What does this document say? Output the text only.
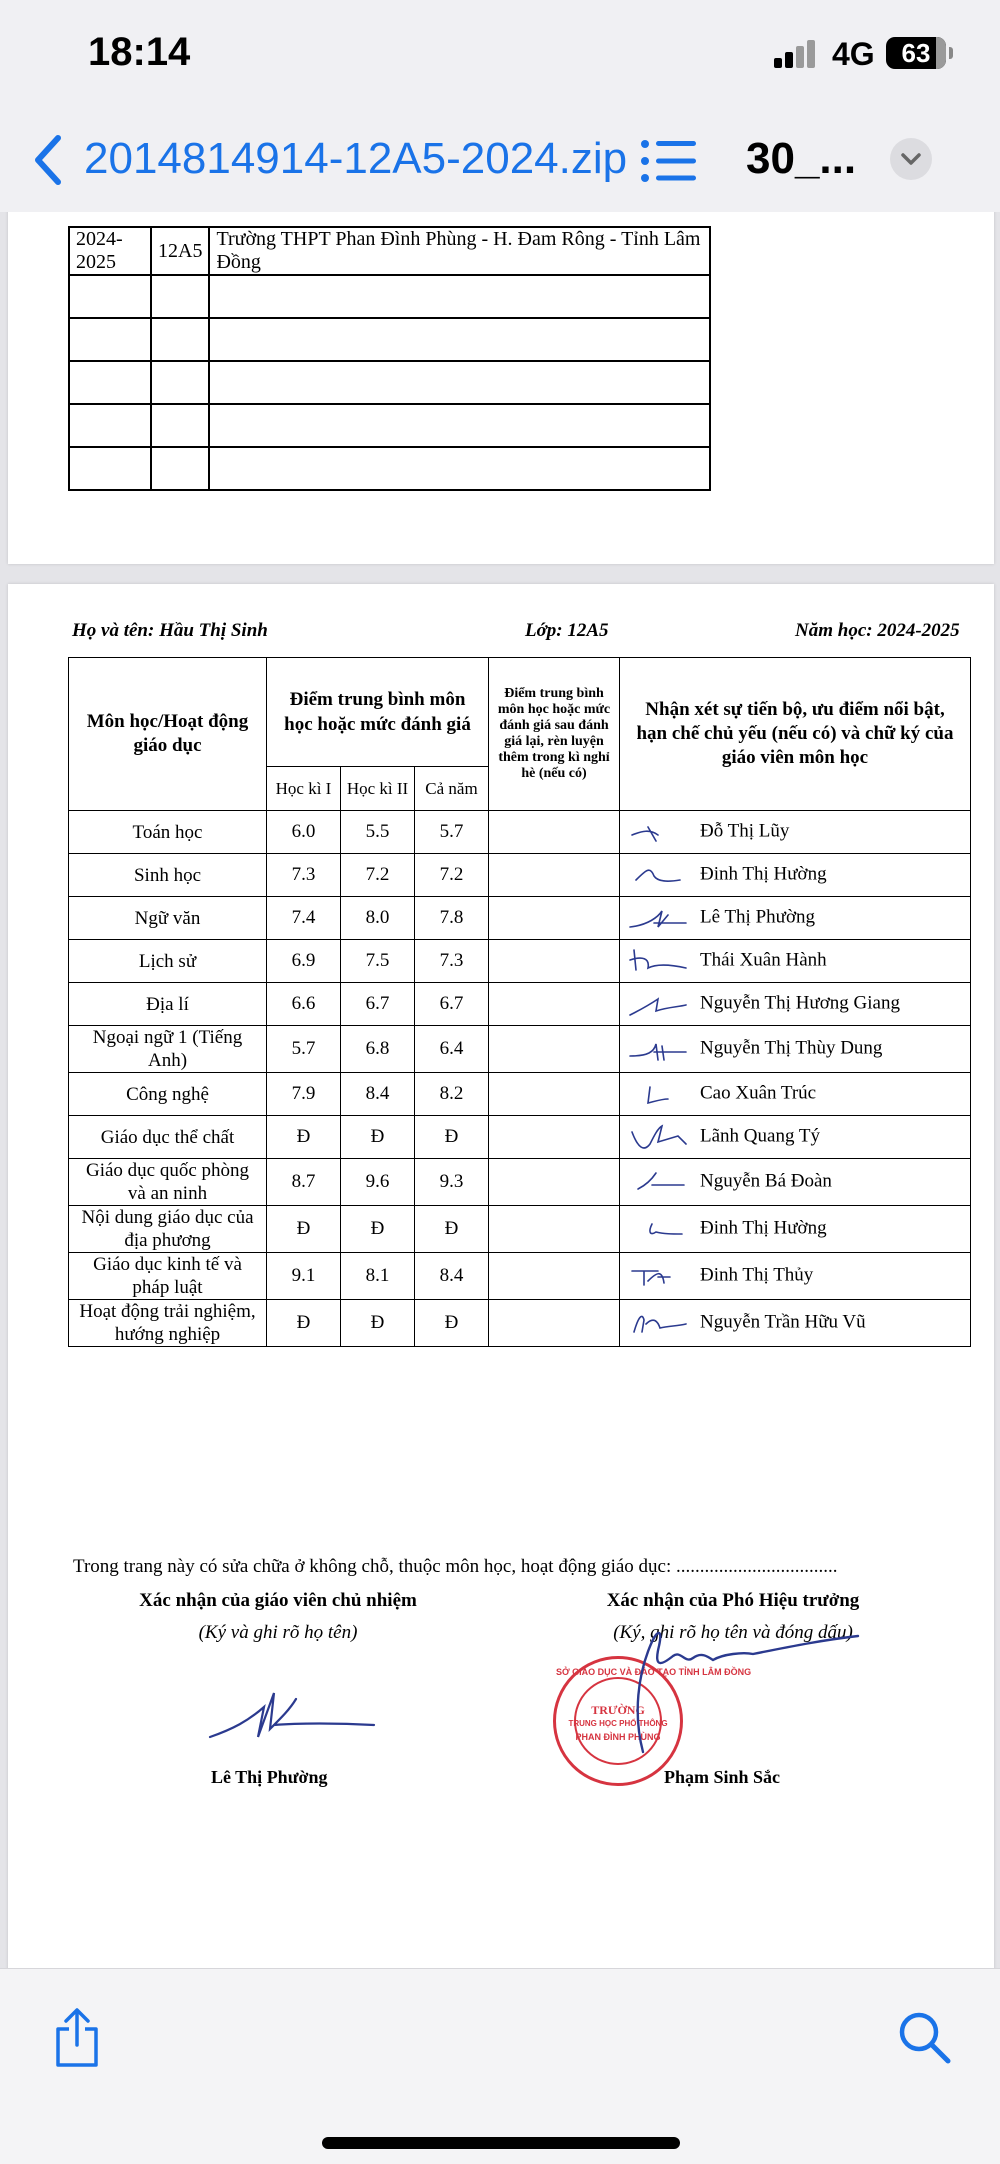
18:14	4G	63
2014814914-12A5-2024.zip	30_...
2024-2025	12A5	Trường THPT Phan Đình Phùng - H. Đam Rông - Tỉnh Lâm Đồng

Họ và tên: Hầu Thị Sinh	Lớp: 12A5	Năm học: 2024-2025
Môn học/Hoạt động giáo dục	Điểm trung bình môn học hoặc mức đánh giá			Điểm trung bình môn học hoặc mức đánh giá sau đánh giá lại, rèn luyện thêm trong kì nghỉ hè (nếu có)	Nhận xét sự tiến bộ, ưu điểm nổi bật, hạn chế chủ yếu (nếu có) và chữ ký của giáo viên môn học
	Học kì I	Học kì II	Cả năm		
Toán học	6.0	5.5	5.7		Đỗ Thị Lũy
Sinh học	7.3	7.2	7.2		Đinh Thị Hường
Ngữ văn	7.4	8.0	7.8		Lê Thị Phường
Lịch sử	6.9	7.5	7.3		Thái Xuân Hành
Địa lí	6.6	6.7	6.7		Nguyễn Thị Hương Giang
Ngoại ngữ 1 (Tiếng Anh)	5.7	6.8	6.4		Nguyễn Thị Thùy Dung
Công nghệ	7.9	8.4	8.2		Cao Xuân Trúc
Giáo dục thể chất	Đ	Đ	Đ		Lãnh Quang Tý
Giáo dục quốc phòng và an ninh	8.7	9.6	9.3		Nguyễn Bá Đoàn
Nội dung giáo dục của địa phương	Đ	Đ	Đ		Đinh Thị Hường
Giáo dục kinh tế và pháp luật	9.1	8.1	8.4		Đinh Thị Thủy
Hoạt động trải nghiệm, hướng nghiệp	Đ	Đ	Đ		Nguyễn Trần Hữu Vũ
Trong trang này có sửa chữa ở không chỗ, thuộc môn học, hoạt động giáo dục: ..................................
Xác nhận của giáo viên chủ nhiệm
(Ký và ghi rõ họ tên)
Xác nhận của Phó Hiệu trưởng
(Ký, ghi rõ họ tên và đóng dấu)
SỞ GIÁO DỤC VÀ ĐÀO TẠO TỈNH LÂM ĐỒNG
TRƯỜNG
TRUNG HỌC PHỔ THÔNG
PHAN ĐÌNH PHÙNG
Lê Thị Phường	Phạm Sinh Sắc
